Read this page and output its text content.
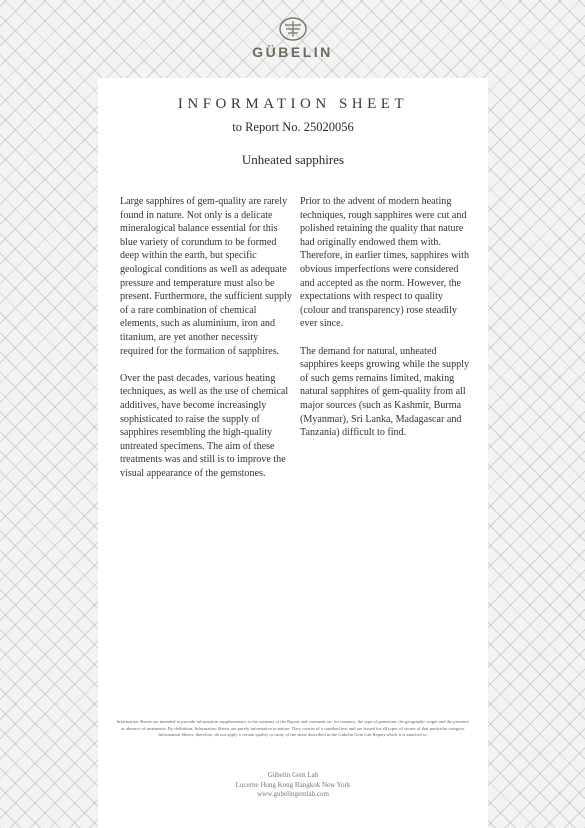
GÜBELIN
INFORMATION SHEET
to Report No. 25020056
Unheated sapphires

Large sapphires of gem-quality are rarely found in nature. Not only is a delicate mineralogical balance essential for this blue variety of corundum to be formed deep within the earth, but specific geological conditions as well as adequate pressure and temperature must also be present. Furthermore, the sufficient supply of a rare combination of chemical elements, such as aluminium, iron and titanium, are yet another necessity required for the formation of sapphires.

Over the past decades, various heating techniques, as well as the use of chemical additives, have become increasingly sophisticated to raise the supply of sapphires resembling the high-quality untreated specimens. The aim of these treatments was and still is to improve the visual appearance of the gemstones.

Prior to the advent of modern heating techniques, rough sapphires were cut and polished retaining the quality that nature had originally endowed them with. Therefore, in earlier times, sapphires with obvious imperfections were considered and accepted as the norm. However, the expectations with respect to quality (colour and transparency) rose steadily ever since.

The demand for natural, unheated sapphires keeps growing while the supply of such gems remains limited, making natural sapphires of gem-quality from all major sources (such as Kashmir, Burma (Myanmar), Sri Lanka, Madagascar and Tanzania) difficult to find.

Information Sheets are intended to provide information supplementary to the contents of the Report and comment on, for instance, the type of gemstone, the geographic origin and the presence or absence of treatments. By definition, Information Sheets are purely informative in nature. They consist of a standard text and are issued for all types of stones of that particular category. Information Sheets, therefore, do not apply a certain quality or rarity of the stone described in the Gübelin Gem Lab Report which it is attached to.
Gübelin Gem Lab
Lucerne Hong Kong Bangkok New York
www.gubelingemlab.com
